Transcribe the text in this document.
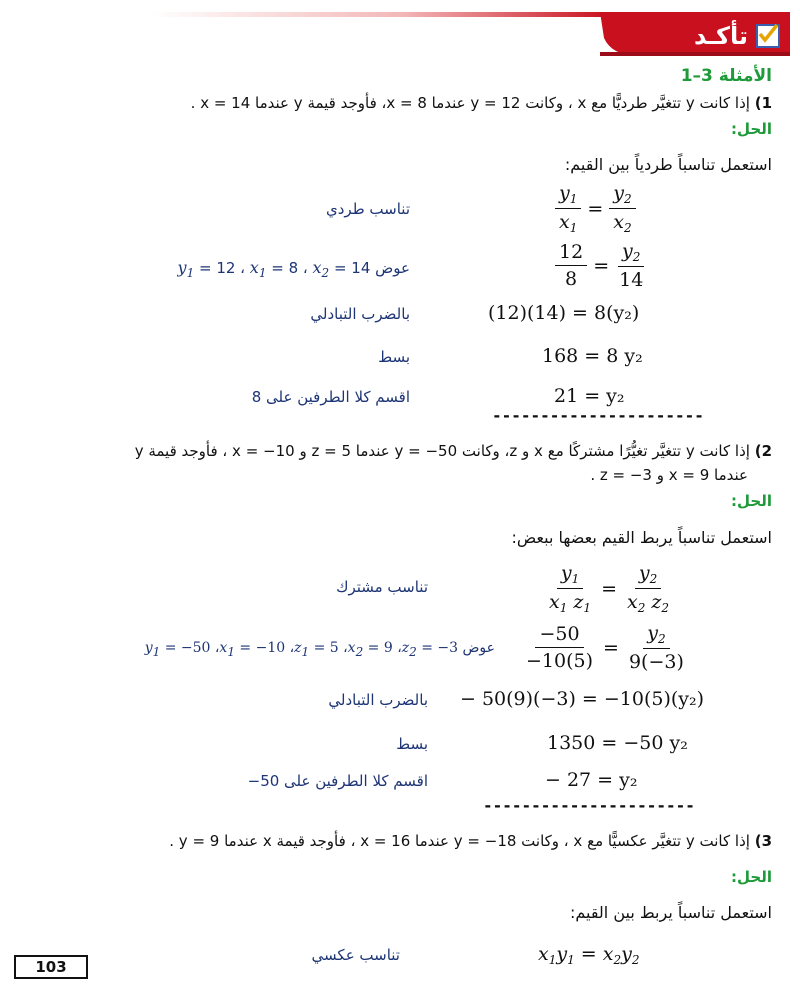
تأكـد
الأمثلة 3–1
1) إذا كانت y تتغيَّر طرديًّا مع x ، وكانت y = 12 عندما x = 8، فأوجد قيمة y عندما x = 14 .
الحل:
استعمل تناسباً طردياً بين القيم:
تناسب طردي	$\frac{y_1}{x_1} = \frac{y_2}{x_2}$
عوض $14 = x_2$ ، $8 = x_1$ ، $12 = y_1$	$\frac{12}{8} = \frac{y_2}{14}$
بالضرب التبادلي	(12)(14) = 8(y₂)
بسط	168 = 8 y₂
اقسم كلا الطرفين على 8	21 = y₂
----------------------
2) إذا كانت y تتغيَّر تغيُّرًا مشتركًا مع x و z، وكانت y = −50 عندما z = 5 و x = −10 ، فأوجد قيمة y
عندما x = 9 و z = −3 .
الحل:
استعمل تناسباً يربط القيم بعضها ببعض:
تناسب مشترك	$\frac{y_1}{x_1 z_1} = \frac{y_2}{x_2 z_2}$
عوض y1 = −50 ،x1 = −10 ،z1 = 5 ،x2 = 9 ،z2 = −3	$\frac{-50}{-10(5)} = \frac{y_2}{9(-3)}$
بالضرب التبادلي − 50(9)(−3) = −10(5)(y₂)
بسط	1350 = −50 y₂
اقسم كلا الطرفين على 50−	− 27 = y₂
----------------------
3) إذا كانت y تتغيَّر عكسيًّا مع x ، وكانت y = −18 عندما x = 16 ، فأوجد قيمة x عندما y = 9 .
الحل:
استعمل تناسباً يربط بين القيم:
تناسب عكسي	$x_1y_1 = x_2y_2$
103
